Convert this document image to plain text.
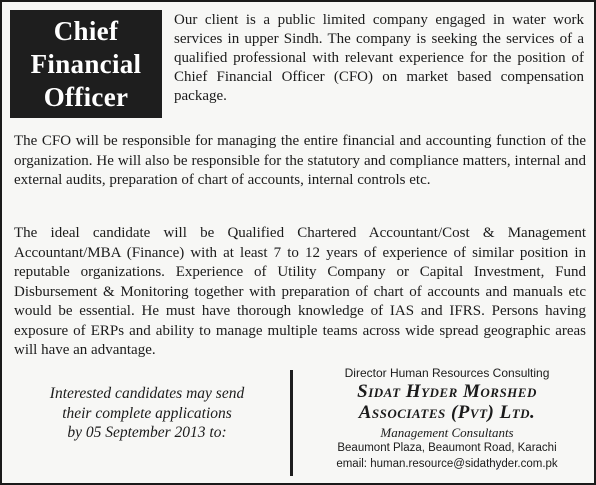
Chief
Financial
Officer

Our client is a public limited company engaged in water work services in upper Sindh. The company is seeking the services of a qualified professional with relevant experience for the position of Chief Financial Officer (CFO) on market based compensation package.

The CFO will be responsible for managing the entire financial and accounting function of the organization. He will also be responsible for the statutory and compliance matters, internal and external audits, preparation of chart of accounts, internal controls etc.

The ideal candidate will be Qualified Chartered Accountant/Cost & Management Accountant/MBA (Finance) with at least 7 to 12 years of experience of similar position in reputable organizations. Experience of Utility Company or Capital Investment, Fund Disbursement & Monitoring together with preparation of chart of accounts and manuals etc would be essential. He must have thorough knowledge of IAS and IFRS. Persons having exposure of ERPs and ability to manage multiple teams across wide spread geographic areas will have an advantage.

Interested candidates may send
their complete applications
by 05 September 2013 to:
Director Human Resources Consulting
Sidat Hyder Morshed
Associates (Pvt) Ltd.
Management Consultants
Beaumont Plaza, Beaumont Road, Karachi
email: human.resource@sidathyder.com.pk
